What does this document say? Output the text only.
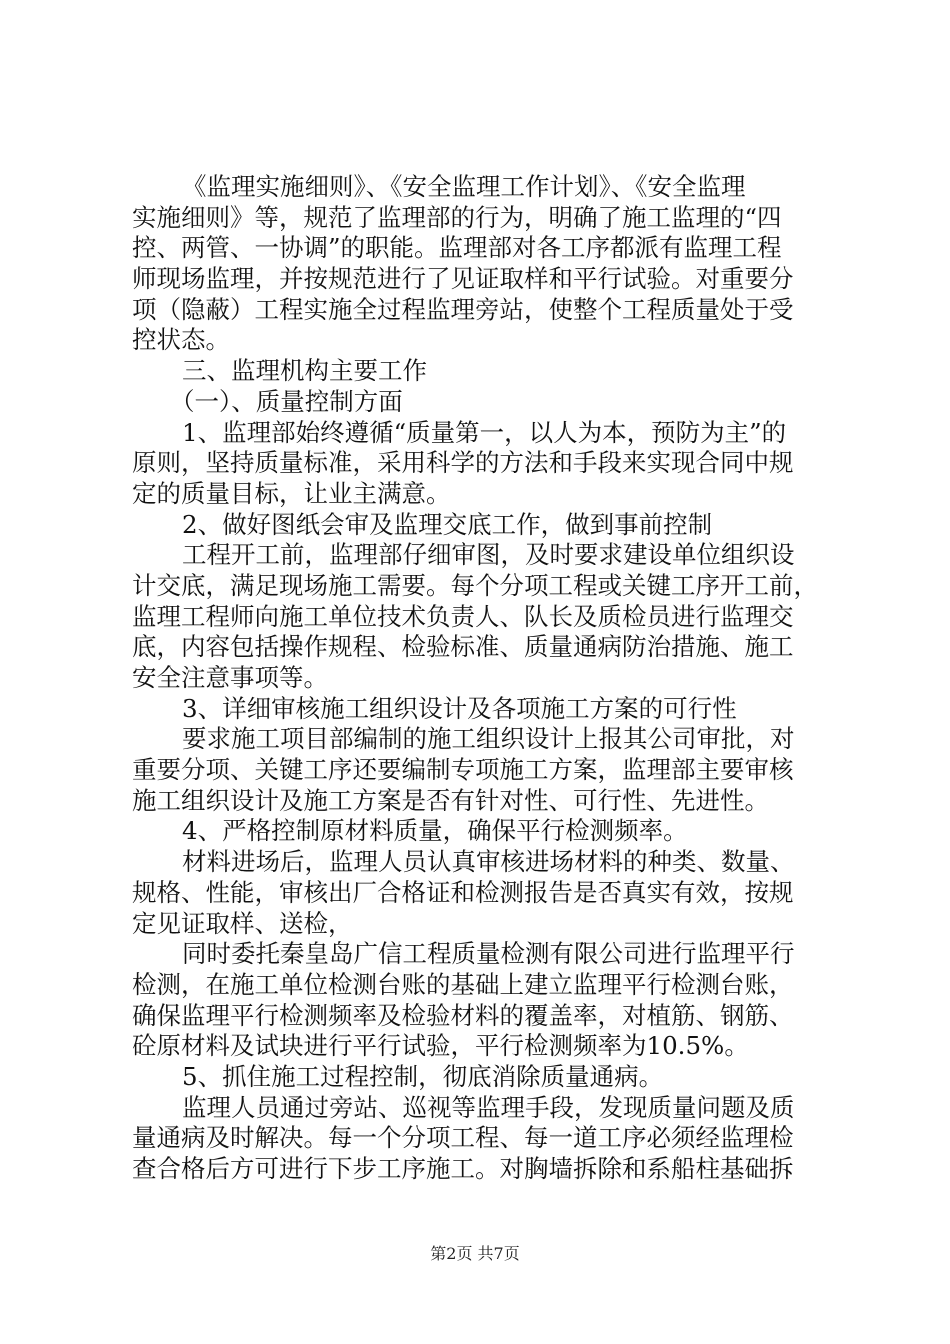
《监理实施细则》、《安全监理工作计划》、《安全监理
实施细则》等，规范了监理部的行为，明确了施工监理的“四
控、两管、一协调”的职能。监理部对各工序都派有监理工程
师现场监理，并按规范进行了见证取样和平行试验。对重要分
项（隐蔽）工程实施全过程监理旁站，使整个工程质量处于受
控状态。
三、监理机构主要工作
（一）、质量控制方面
1、监理部始终遵循“质量第一，以人为本，预防为主”的
原则，坚持质量标准，采用科学的方法和手段来实现合同中规
定的质量目标，让业主满意。
2、做好图纸会审及监理交底工作，做到事前控制
工程开工前，监理部仔细审图，及时要求建设单位组织设
计交底，满足现场施工需要。每个分项工程或关键工序开工前，
监理工程师向施工单位技术负责人、队长及质检员进行监理交
底，内容包括操作规程、检验标准、质量通病防治措施、施工
安全注意事项等。
3、详细审核施工组织设计及各项施工方案的可行性
要求施工项目部编制的施工组织设计上报其公司审批，对
重要分项、关键工序还要编制专项施工方案，监理部主要审核
施工组织设计及施工方案是否有针对性、可行性、先进性。
4、严格控制原材料质量，确保平行检测频率。
材料进场后，监理人员认真审核进场材料的种类、数量、
规格、性能，审核出厂合格证和检测报告是否真实有效，按规
定见证取样、送检，
同时委托秦皇岛广信工程质量检测有限公司进行监理平行
检测，在施工单位检测台账的基础上建立监理平行检测台账，
确保监理平行检测频率及检验材料的覆盖率，对植筋、钢筋、
砼原材料及试块进行平行试验，平行检测频率为10.5%。
5、抓住施工过程控制，彻底消除质量通病。
监理人员通过旁站、巡视等监理手段，发现质量问题及质
量通病及时解决。每一个分项工程、每一道工序必须经监理检
查合格后方可进行下步工序施工。对胸墙拆除和系船柱基础拆
第2页 共7页
